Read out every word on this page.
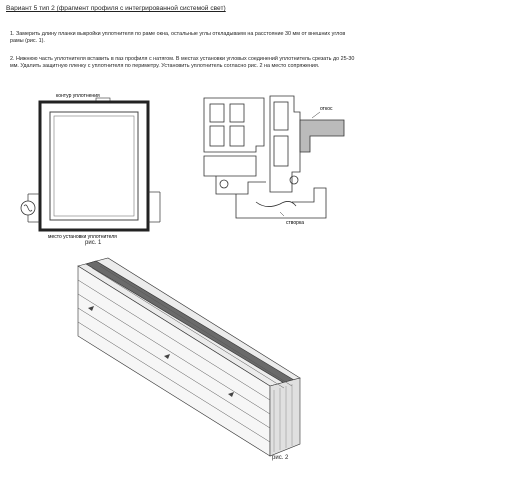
Вариант 5 тип 2 (фрагмент профиля с интегрированной системой свет)
1. Замерить длину планки выкройки уплотнителя по раме окна, остальные углы откладываем на расстояние 30 мм от внешних углов рамы (рис. 1).
2. Нижнюю часть уплотнителя вставить в паз профиля с натягом. В местах установки угловых соединений уплотнитель срезать до 25-30 мм. Удалить защитную пленку с уплотнителя по периметру. Установить уплотнитель согласно рис. 2 на место сопряжения.
контур уплотнения
место установки уплотнителя
рис. 1
откос
створка
рис. 2
